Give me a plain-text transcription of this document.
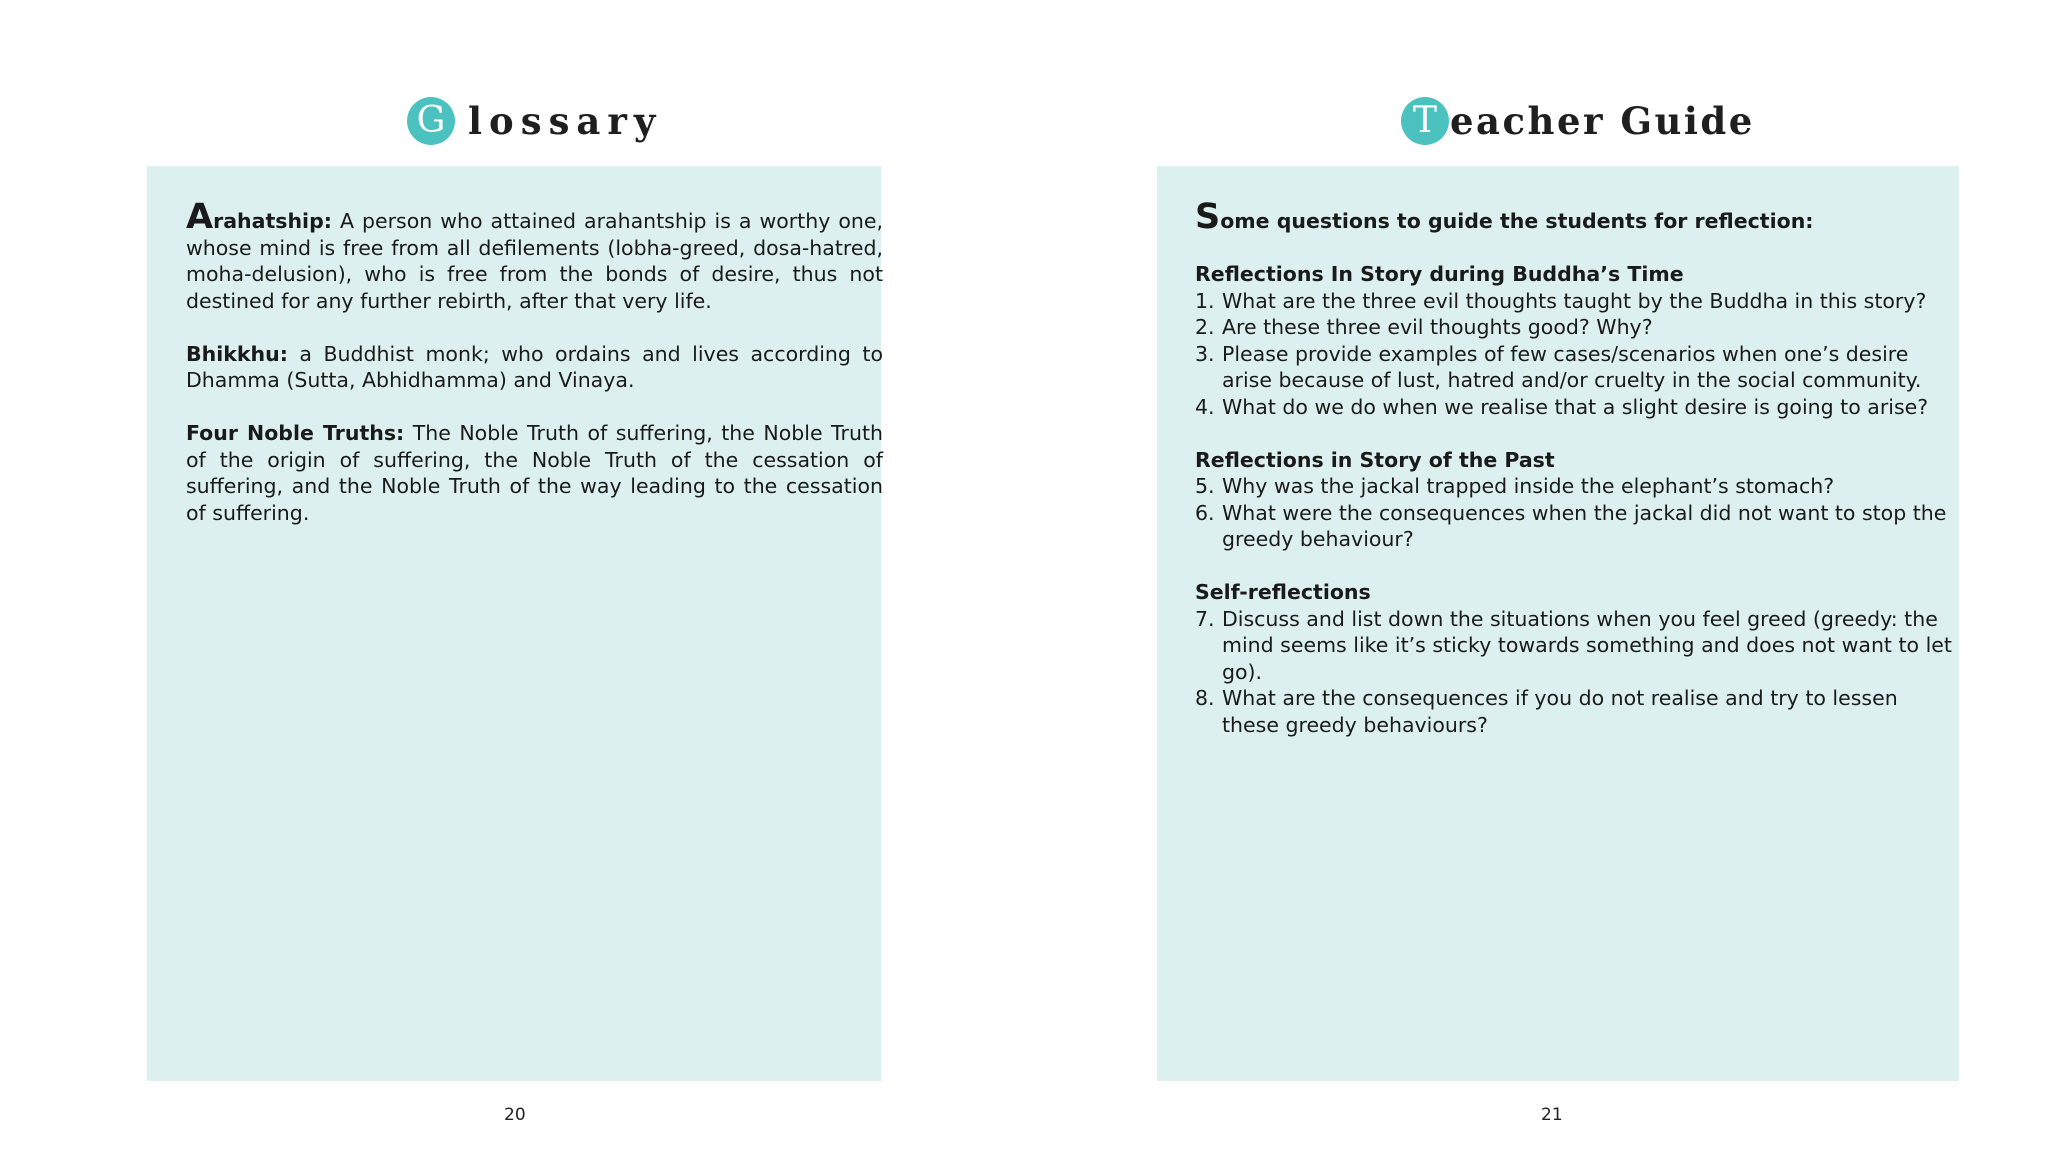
G lossary

Arahatship: A person who attained arahantship is a worthy one, whose mind is free from all defilements (lobha-greed, dosa-hatred, moha-delusion), who is free from the bonds of desire, thus not destined for any further rebirth, after that very life.

Bhikkhu: a Buddhist monk; who ordains and lives according to Dhamma (Sutta, Abhidhamma) and Vinaya.

Four Noble Truths: The Noble Truth of suffering, the Noble Truth of the origin of suffering, the Noble Truth of the cessation of suffering, and the Noble Truth of the way leading to the cessation of suffering.

20
T eacher Guide

Some questions to guide the students for reflection:

Reflections In Story during Buddha’s Time
1. What are the three evil thoughts taught by the Buddha in this story?
2. Are these three evil thoughts good? Why?
3. Please provide examples of few cases/scenarios when one’s desire arise because of lust, hatred and/or cruelty in the social community.
4. What do we do when we realise that a slight desire is going to arise?
Reflections in Story of the Past
5. Why was the jackal trapped inside the elephant’s stomach?
6. What were the consequences when the jackal did not want to stop the greedy behaviour?
Self-reflections
7. Discuss and list down the situations when you feel greed (greedy: the mind seems like it’s sticky towards something and does not want to let go).
8. What are the consequences if you do not realise and try to lessen these greedy behaviours?
21
